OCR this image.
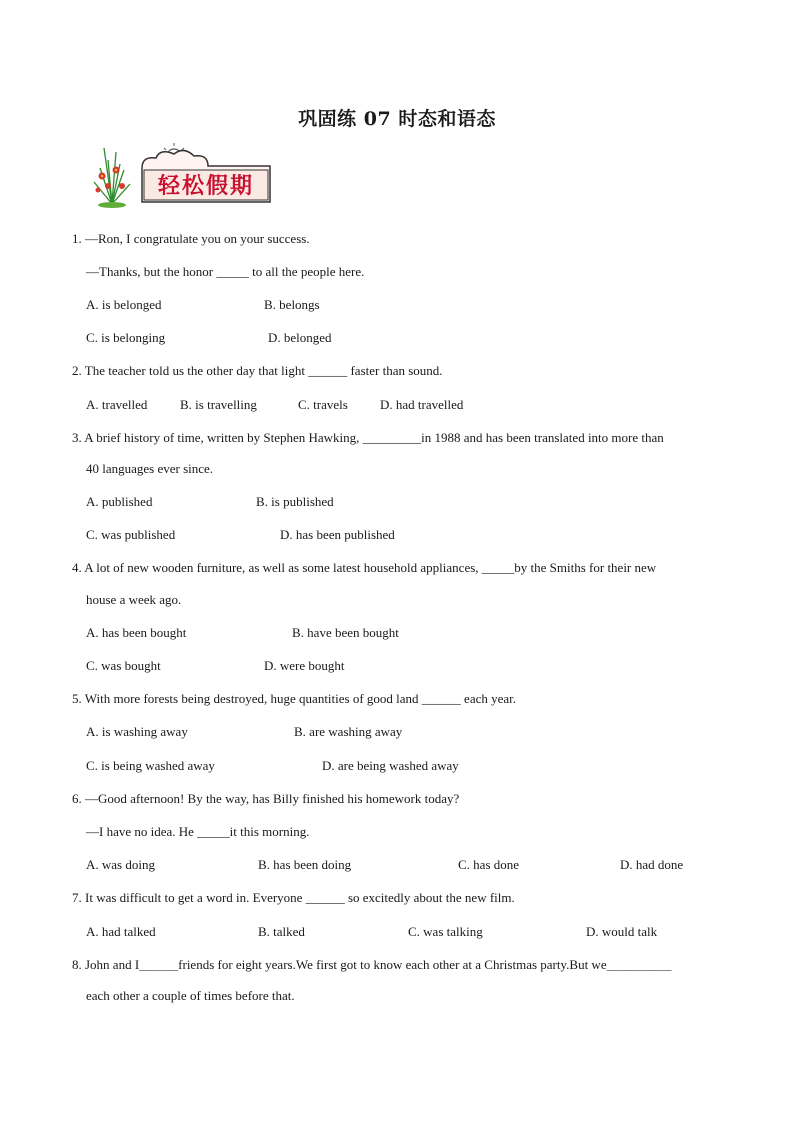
巩固练 07 时态和语态
轻松假期
1. —Ron, I congratulate you on your success.
—Thanks, but the honor _____ to all the people here.
A. is belonged	B. belongs
C. is belonging	D. belonged
2. The teacher told us the other day that light ______ faster than sound.
A. travelled	B. is travelling	C. travels D. had travelled
3. A brief history of time, written by Stephen Hawking, _________in 1988 and has been translated into more than
40 languages ever since.
A. published	B. is published
C. was published	D. has been published
4. A lot of new wooden furniture, as well as some latest household appliances, _____by the Smiths for their new
house a week ago.
A. has been bought	B. have been bought
C. was bought	D. were bought
5. With more forests being destroyed, huge quantities of good land ______ each year.
A. is washing away	B. are washing away
C. is being washed away	D. are being washed away
6. —Good afternoon! By the way, has Billy finished his homework today?
—I have no idea. He _____it this morning.
A. was doing	B. has been doing	C. has done	D. had done
7. It was difficult to get a word in. Everyone ______ so excitedly about the new film.
A. had talked	B. talked	C. was talking	D. would talk
8. John and I＿＿＿friends for eight years.We first got to know each other at a Christmas party.But we＿＿＿＿＿
each other a couple of times before that.
